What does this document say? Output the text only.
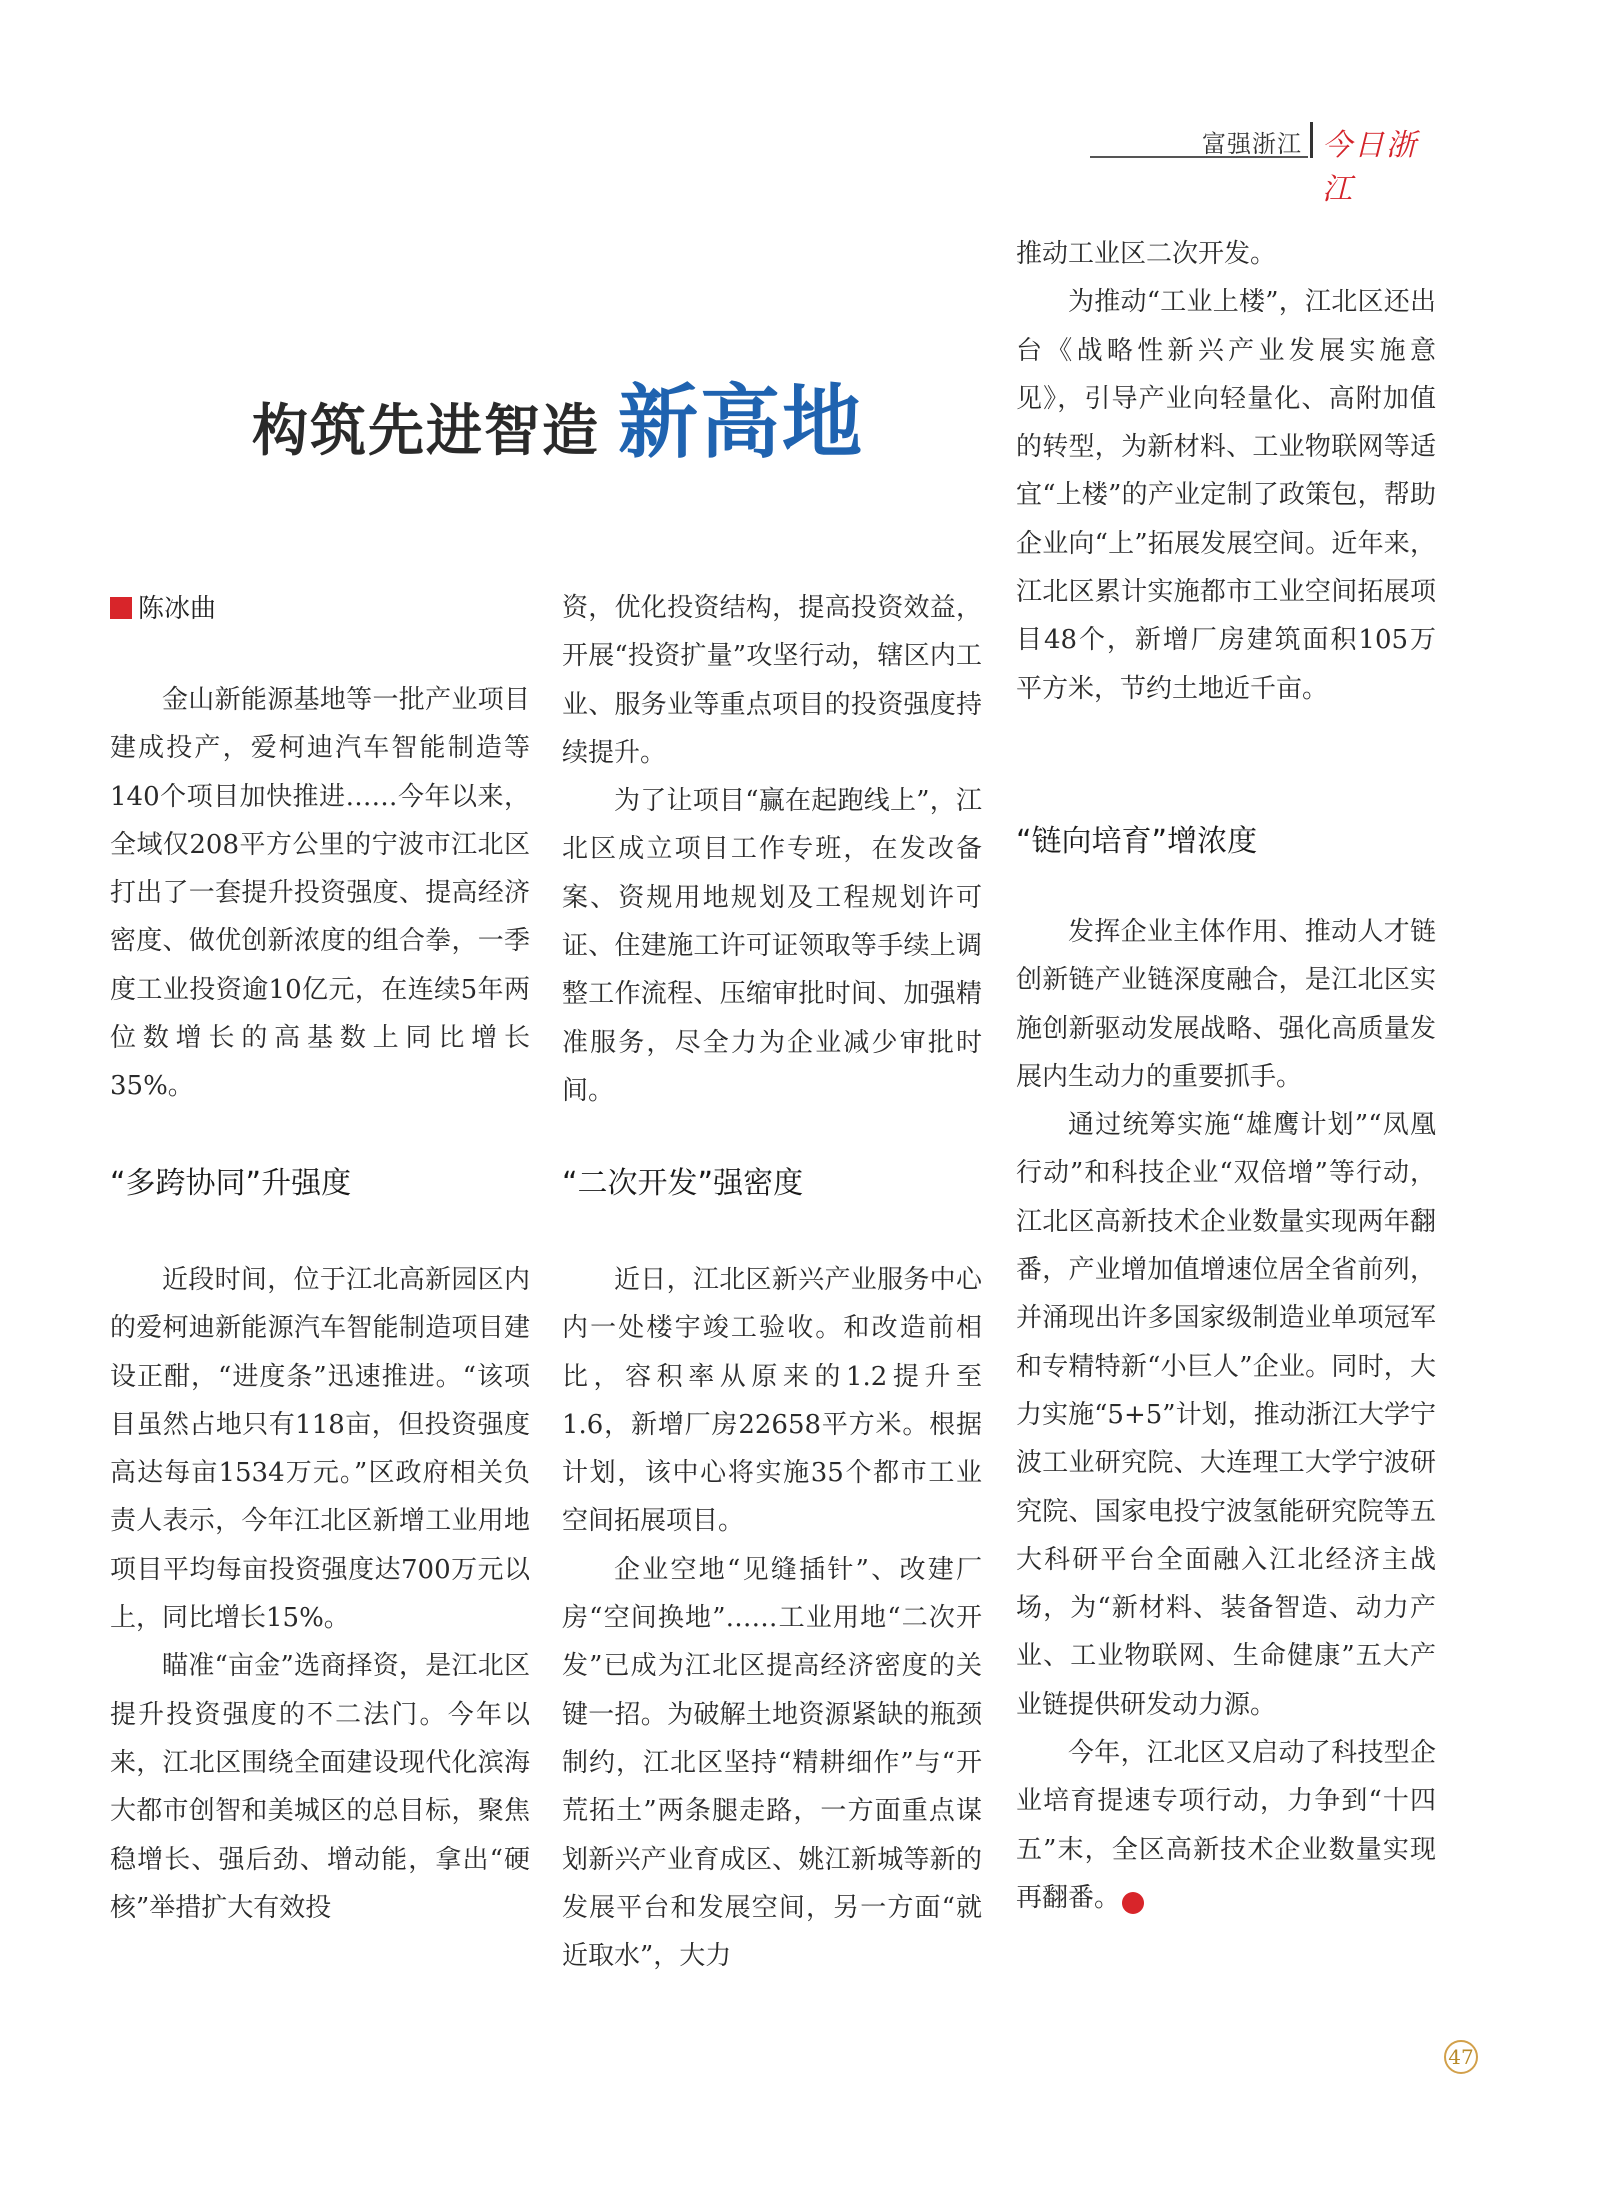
富强浙江 今日浙江
构筑先进智造 新高地
陈冰曲

金山新能源基地等一批产业项目建成投产，爱柯迪汽车智能制造等140个项目加快推进……今年以来，全域仅208平方公里的宁波市江北区打出了一套提升投资强度、提高经济密度、做优创新浓度的组合拳，一季度工业投资逾10亿元，在连续5年两位数增长的高基数上同比增长35%。

“多跨协同”升强度

近段时间，位于江北高新园区内的爱柯迪新能源汽车智能制造项目建设正酣，“进度条”迅速推进。“该项目虽然占地只有118亩，但投资强度高达每亩1534万元。”区政府相关负责人表示，今年江北区新增工业用地项目平均每亩投资强度达700万元以上，同比增长15%。

瞄准“亩金”选商择资，是江北区提升投资强度的不二法门。今年以来，江北区围绕全面建设现代化滨海大都市创智和美城区的总目标，聚焦稳增长、强后劲、增动能，拿出“硬核”举措扩大有效投

资，优化投资结构，提高投资效益，开展“投资扩量”攻坚行动，辖区内工业、服务业等重点项目的投资强度持续提升。

为了让项目“赢在起跑线上”，江北区成立项目工作专班，在发改备案、资规用地规划及工程规划许可证、住建施工许可证领取等手续上调整工作流程、压缩审批时间、加强精准服务，尽全力为企业减少审批时间。

“二次开发”强密度

近日，江北区新兴产业服务中心内一处楼宇竣工验收。和改造前相比，容积率从原来的1.2提升至1.6，新增厂房22658平方米。根据计划，该中心将实施35个都市工业空间拓展项目。

企业空地“见缝插针”、改建厂房“空间换地”……工业用地“二次开发”已成为江北区提高经济密度的关键一招。为破解土地资源紧缺的瓶颈制约，江北区坚持“精耕细作”与“开荒拓土”两条腿走路，一方面重点谋划新兴产业育成区、姚江新城等新的发展平台和发展空间，另一方面“就近取水”，大力

推动工业区二次开发。

为推动“工业上楼”，江北区还出台《战略性新兴产业发展实施意见》，引导产业向轻量化、高附加值的转型，为新材料、工业物联网等适宜“上楼”的产业定制了政策包，帮助企业向“上”拓展发展空间。近年来，江北区累计实施都市工业空间拓展项目48个，新增厂房建筑面积105万平方米，节约土地近千亩。

“链向培育”增浓度

发挥企业主体作用、推动人才链创新链产业链深度融合，是江北区实施创新驱动发展战略、强化高质量发展内生动力的重要抓手。

通过统筹实施“雄鹰计划”“凤凰行动”和科技企业“双倍增”等行动，江北区高新技术企业数量实现两年翻番，产业增加值增速位居全省前列，并涌现出许多国家级制造业单项冠军和专精特新“小巨人”企业。同时，大力实施“5+5”计划，推动浙江大学宁波工业研究院、大连理工大学宁波研究院、国家电投宁波氢能研究院等五大科研平台全面融入江北经济主战场，为“新材料、装备智造、动力产业、工业物联网、生命健康”五大产业链提供研发动力源。

今年，江北区又启动了科技型企业培育提速专项行动，力争到“十四五”末，全区高新技术企业数量实现再翻番。	今

47
